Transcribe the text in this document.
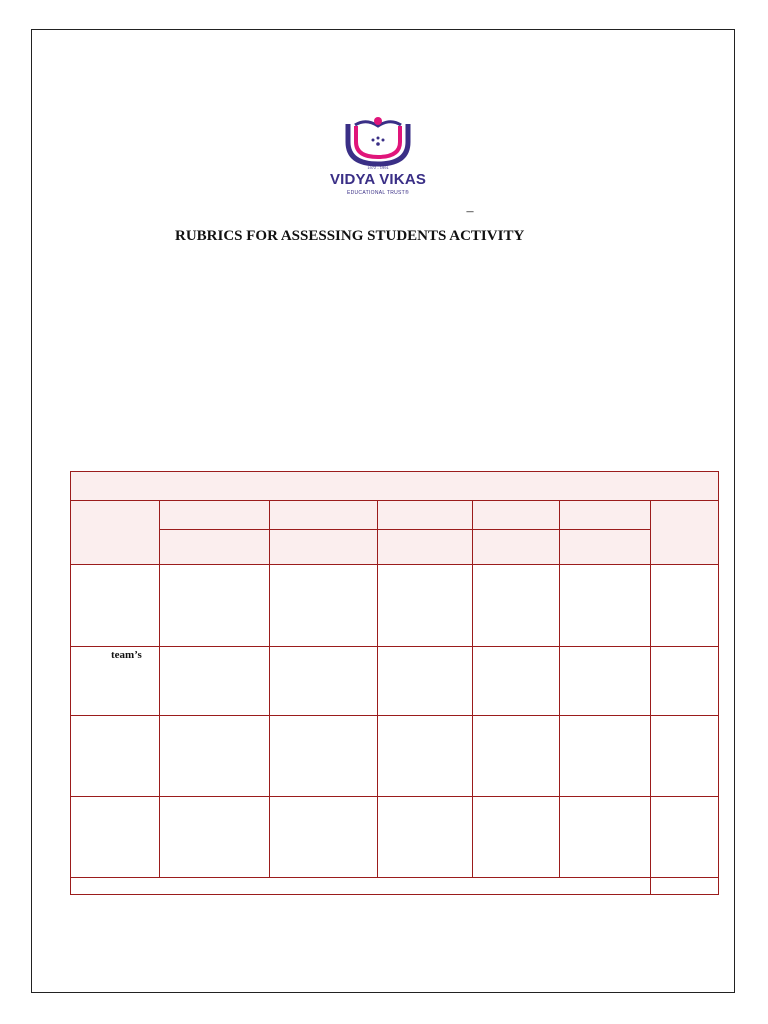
1972 - 1991
VIDYA VIKAS
EDUCATIONAL TRUST®
–
RUBRICS FOR ASSESSING STUDENTS ACTIVITY
team’s
